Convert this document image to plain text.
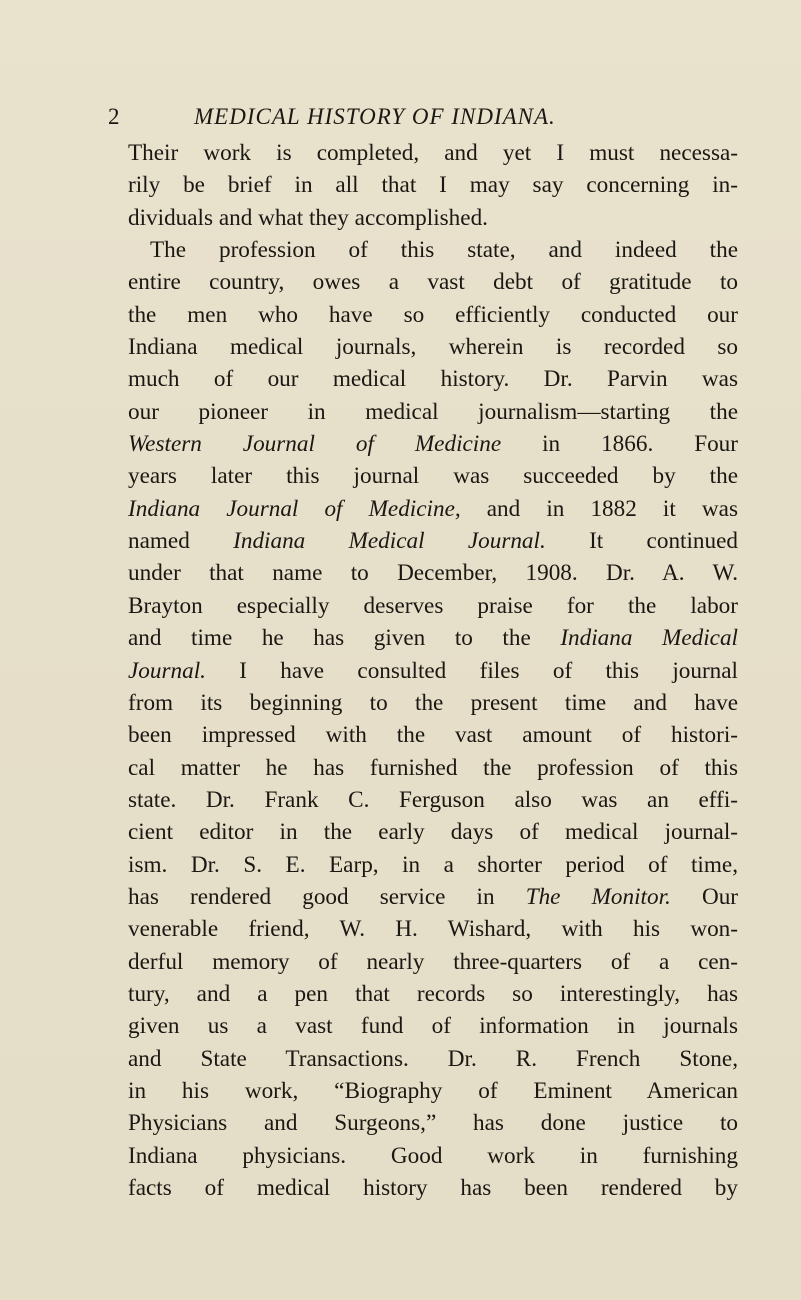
2	MEDICAL HISTORY OF INDIANA.
Their work is completed, and yet I must necessa-
rily be brief in all that I may say concerning in-
dividuals and what they accomplished.
The profession of this state, and indeed the
entire country, owes a vast debt of gratitude to
the men who have so efficiently conducted our
Indiana medical journals, wherein is recorded so
much of our medical history. Dr. Parvin was
our pioneer in medical journalism—starting the
Western Journal of Medicine in 1866. Four
years later this journal was succeeded by the
Indiana Journal of Medicine, and in 1882 it was
named Indiana Medical Journal. It continued
under that name to December, 1908. Dr. A. W.
Brayton especially deserves praise for the labor
and time he has given to the Indiana Medical
Journal. I have consulted files of this journal
from its beginning to the present time and have
been impressed with the vast amount of histori-
cal matter he has furnished the profession of this
state. Dr. Frank C. Ferguson also was an effi-
cient editor in the early days of medical journal-
ism. Dr. S. E. Earp, in a shorter period of time,
has rendered good service in The Monitor. Our
venerable friend, W. H. Wishard, with his won-
derful memory of nearly three-quarters of a cen-
tury, and a pen that records so interestingly, has
given us a vast fund of information in journals
and State Transactions. Dr. R. French Stone,
in his work, “Biography of Eminent American
Physicians and Surgeons,” has done justice to
Indiana physicians. Good work in furnishing
facts of medical history has been rendered by
